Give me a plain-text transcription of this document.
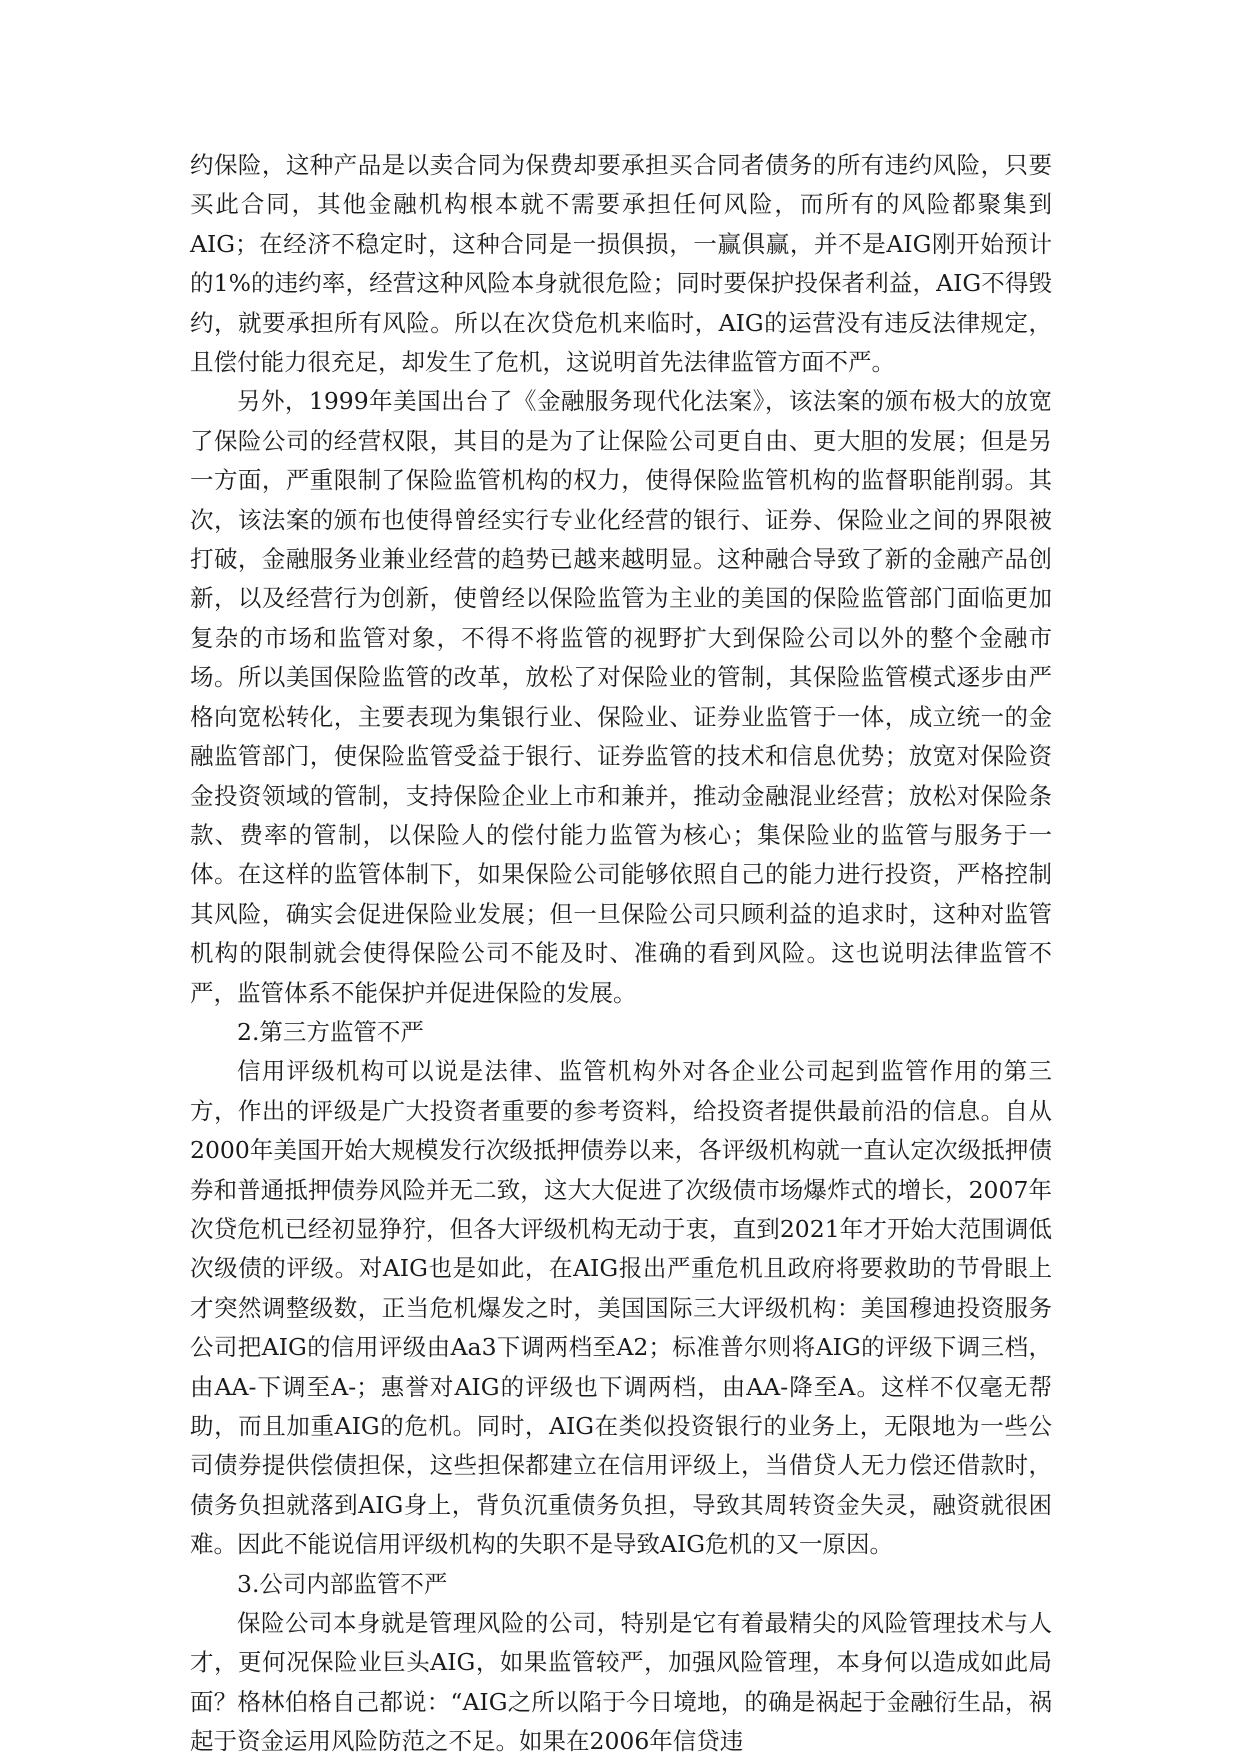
约保险，这种产品是以卖合同为保费却要承担买合同者债务的所有违约风险，只要买此合同，其他金融机构根本就不需要承担任何风险，而所有的风险都聚集到AIG；在经济不稳定时，这种合同是一损俱损，一赢俱赢，并不是AIG刚开始预计的1%的违约率，经营这种风险本身就很危险；同时要保护投保者利益，AIG不得毁约，就要承担所有风险。所以在次贷危机来临时，AIG的运营没有违反法律规定，且偿付能力很充足，却发生了危机，这说明首先法律监管方面不严。

另外，1999年美国出台了《金融服务现代化法案》，该法案的颁布极大的放宽了保险公司的经营权限，其目的是为了让保险公司更自由、更大胆的发展；但是另一方面，严重限制了保险监管机构的权力，使得保险监管机构的监督职能削弱。其次，该法案的颁布也使得曾经实行专业化经营的银行、证券、保险业之间的界限被打破，金融服务业兼业经营的趋势已越来越明显。这种融合导致了新的金融产品创新，以及经营行为创新，使曾经以保险监管为主业的美国的保险监管部门面临更加复杂的市场和监管对象，不得不将监管的视野扩大到保险公司以外的整个金融市场。所以美国保险监管的改革，放松了对保险业的管制，其保险监管模式逐步由严格向宽松转化，主要表现为集银行业、保险业、证券业监管于一体，成立统一的金融监管部门，使保险监管受益于银行、证券监管的技术和信息优势；放宽对保险资金投资领域的管制，支持保险企业上市和兼并，推动金融混业经营；放松对保险条款、费率的管制，以保险人的偿付能力监管为核心；集保险业的监管与服务于一体。在这样的监管体制下，如果保险公司能够依照自己的能力进行投资，严格控制其风险，确实会促进保险业发展；但一旦保险公司只顾利益的追求时，这种对监管机构的限制就会使得保险公司不能及时、准确的看到风险。这也说明法律监管不严，监管体系不能保护并促进保险的发展。

2.第三方监管不严

信用评级机构可以说是法律、监管机构外对各企业公司起到监管作用的第三方，作出的评级是广大投资者重要的参考资料，给投资者提供最前沿的信息。自从2000年美国开始大规模发行次级抵押债券以来，各评级机构就一直认定次级抵押债券和普通抵押债券风险并无二致，这大大促进了次级债市场爆炸式的增长，2007年次贷危机已经初显狰狞，但各大评级机构无动于衷，直到2021年才开始大范围调低次级债的评级。对AIG也是如此，在AIG报出严重危机且政府将要救助的节骨眼上才突然调整级数，正当危机爆发之时，美国国际三大评级机构：美国穆迪投资服务公司把AIG的信用评级由Aa3下调两档至A2；标准普尔则将AIG的评级下调三档，由AA-下调至A-；惠誉对AIG的评级也下调两档，由AA-降至A。这样不仅毫无帮助，而且加重AIG的危机。同时，AIG在类似投资银行的业务上，无限地为一些公司债券提供偿债担保，这些担保都建立在信用评级上，当借贷人无力偿还借款时，债务负担就落到AIG身上，背负沉重债务负担，导致其周转资金失灵，融资就很困难。因此不能说信用评级机构的失职不是导致AIG危机的又一原因。

3.公司内部监管不严

保险公司本身就是管理风险的公司，特别是它有着最精尖的风险管理技术与人才，更何况保险业巨头AIG，如果监管较严，加强风险管理，本身何以造成如此局面？格林伯格自己都说：“AIG之所以陷于今日境地，的确是祸起于金融衍生品，祸起于资金运用风险防范之不足。如果在2006年信贷违
